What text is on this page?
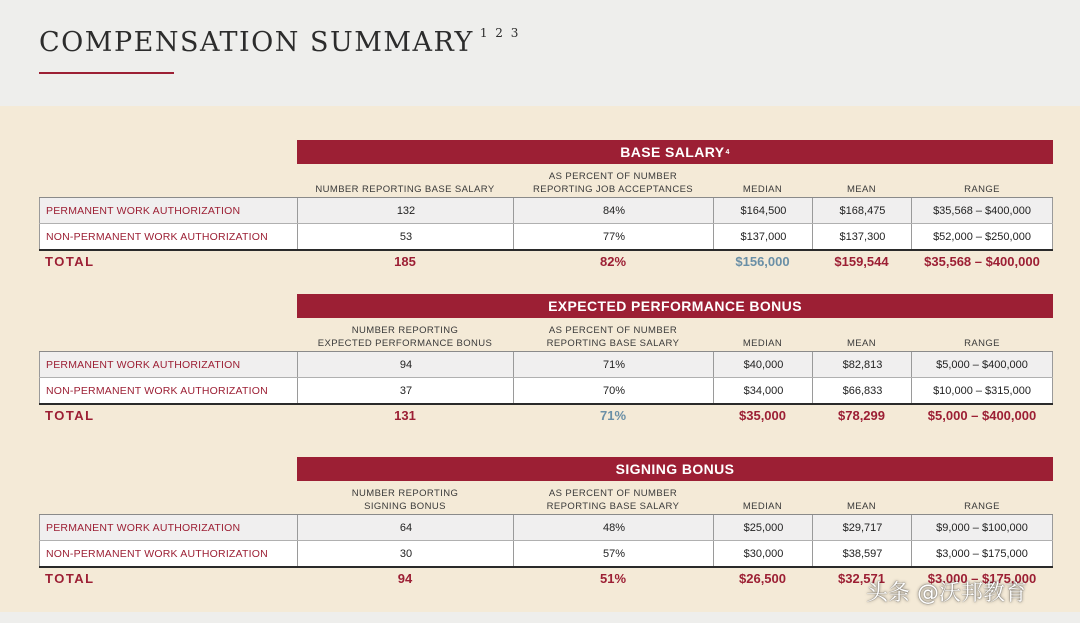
COMPENSATION SUMMARY $^{1 2 3}$
BASE SALARY 4
NUMBER REPORTING BASE SALARY
AS PERCENT OF NUMBER
REPORTING JOB ACCEPTANCES	MEDIAN	MEAN	RANGE
PERMANENT WORK AUTHORIZATION	132	84%	$164,500	$168,475	$35,568 – $400,000
NON-PERMANENT WORK AUTHORIZATION	53	77%	$137,000	$137,300	$52,000 – $250,000
TOTAL	185	82%	$156,000	$159,544	$35,568 – $400,000
EXPECTED PERFORMANCE BONUS
NUMBER REPORTING
EXPECTED PERFORMANCE BONUS
AS PERCENT OF NUMBER
REPORTING BASE SALARY	MEDIAN	MEAN	RANGE
PERMANENT WORK AUTHORIZATION	94	71%	$40,000	$82,813	$5,000 – $400,000
NON-PERMANENT WORK AUTHORIZATION	37	70%	$34,000	$66,833	$10,000 – $315,000
TOTAL	131	71%	$35,000	$78,299	$5,000 – $400,000
SIGNING BONUS
NUMBER REPORTING
SIGNING BONUS
AS PERCENT OF NUMBER
REPORTING BASE SALARY	MEDIAN	MEAN	RANGE
PERMANENT WORK AUTHORIZATION	64	48%	$25,000	$29,717	$9,000 – $100,000
NON-PERMANENT WORK AUTHORIZATION	30	57%	$30,000	$38,597	$3,000 – $175,000
TOTAL	94	51%	$26,500	$32,571	$3,000 – $175,000
头条 @沃邦教育
